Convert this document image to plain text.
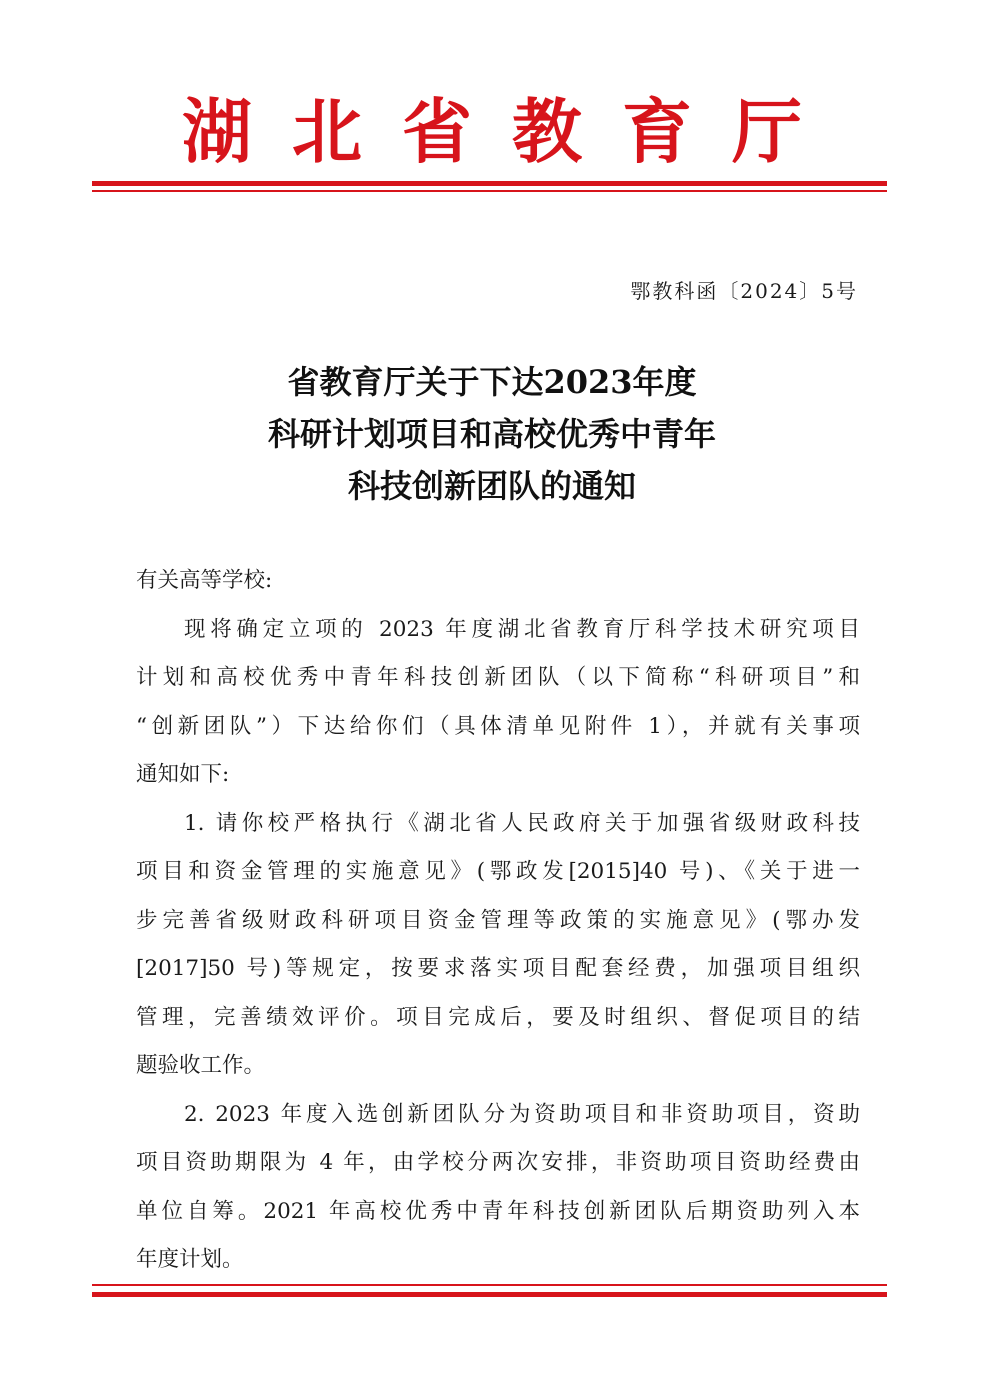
湖北省教育厅
鄂教科函〔2024〕5号
省教育厅关于下达2023年度
科研计划项目和高校优秀中青年
科技创新团队的通知
有关高等学校:
现将确定立项的 2023 年度湖北省教育厅科学技术研究项目
计划和高校优秀中青年科技创新团队（以下简称“科研项目”和
“创新团队”）下达给你们（具体清单见附件 1），并就有关事项
通知如下:
1. 请你校严格执行《湖北省人民政府关于加强省级财政科技
项目和资金管理的实施意见》(鄂政发[2015]40 号)、《关于进一
步完善省级财政科研项目资金管理等政策的实施意见》(鄂办发
[2017]50 号)等规定，按要求落实项目配套经费，加强项目组织
管理，完善绩效评价。项目完成后，要及时组织、督促项目的结
题验收工作。
2. 2023 年度入选创新团队分为资助项目和非资助项目，资助
项目资助期限为 4 年，由学校分两次安排，非资助项目资助经费由
单位自筹。2021 年高校优秀中青年科技创新团队后期资助列入本
年度计划。
